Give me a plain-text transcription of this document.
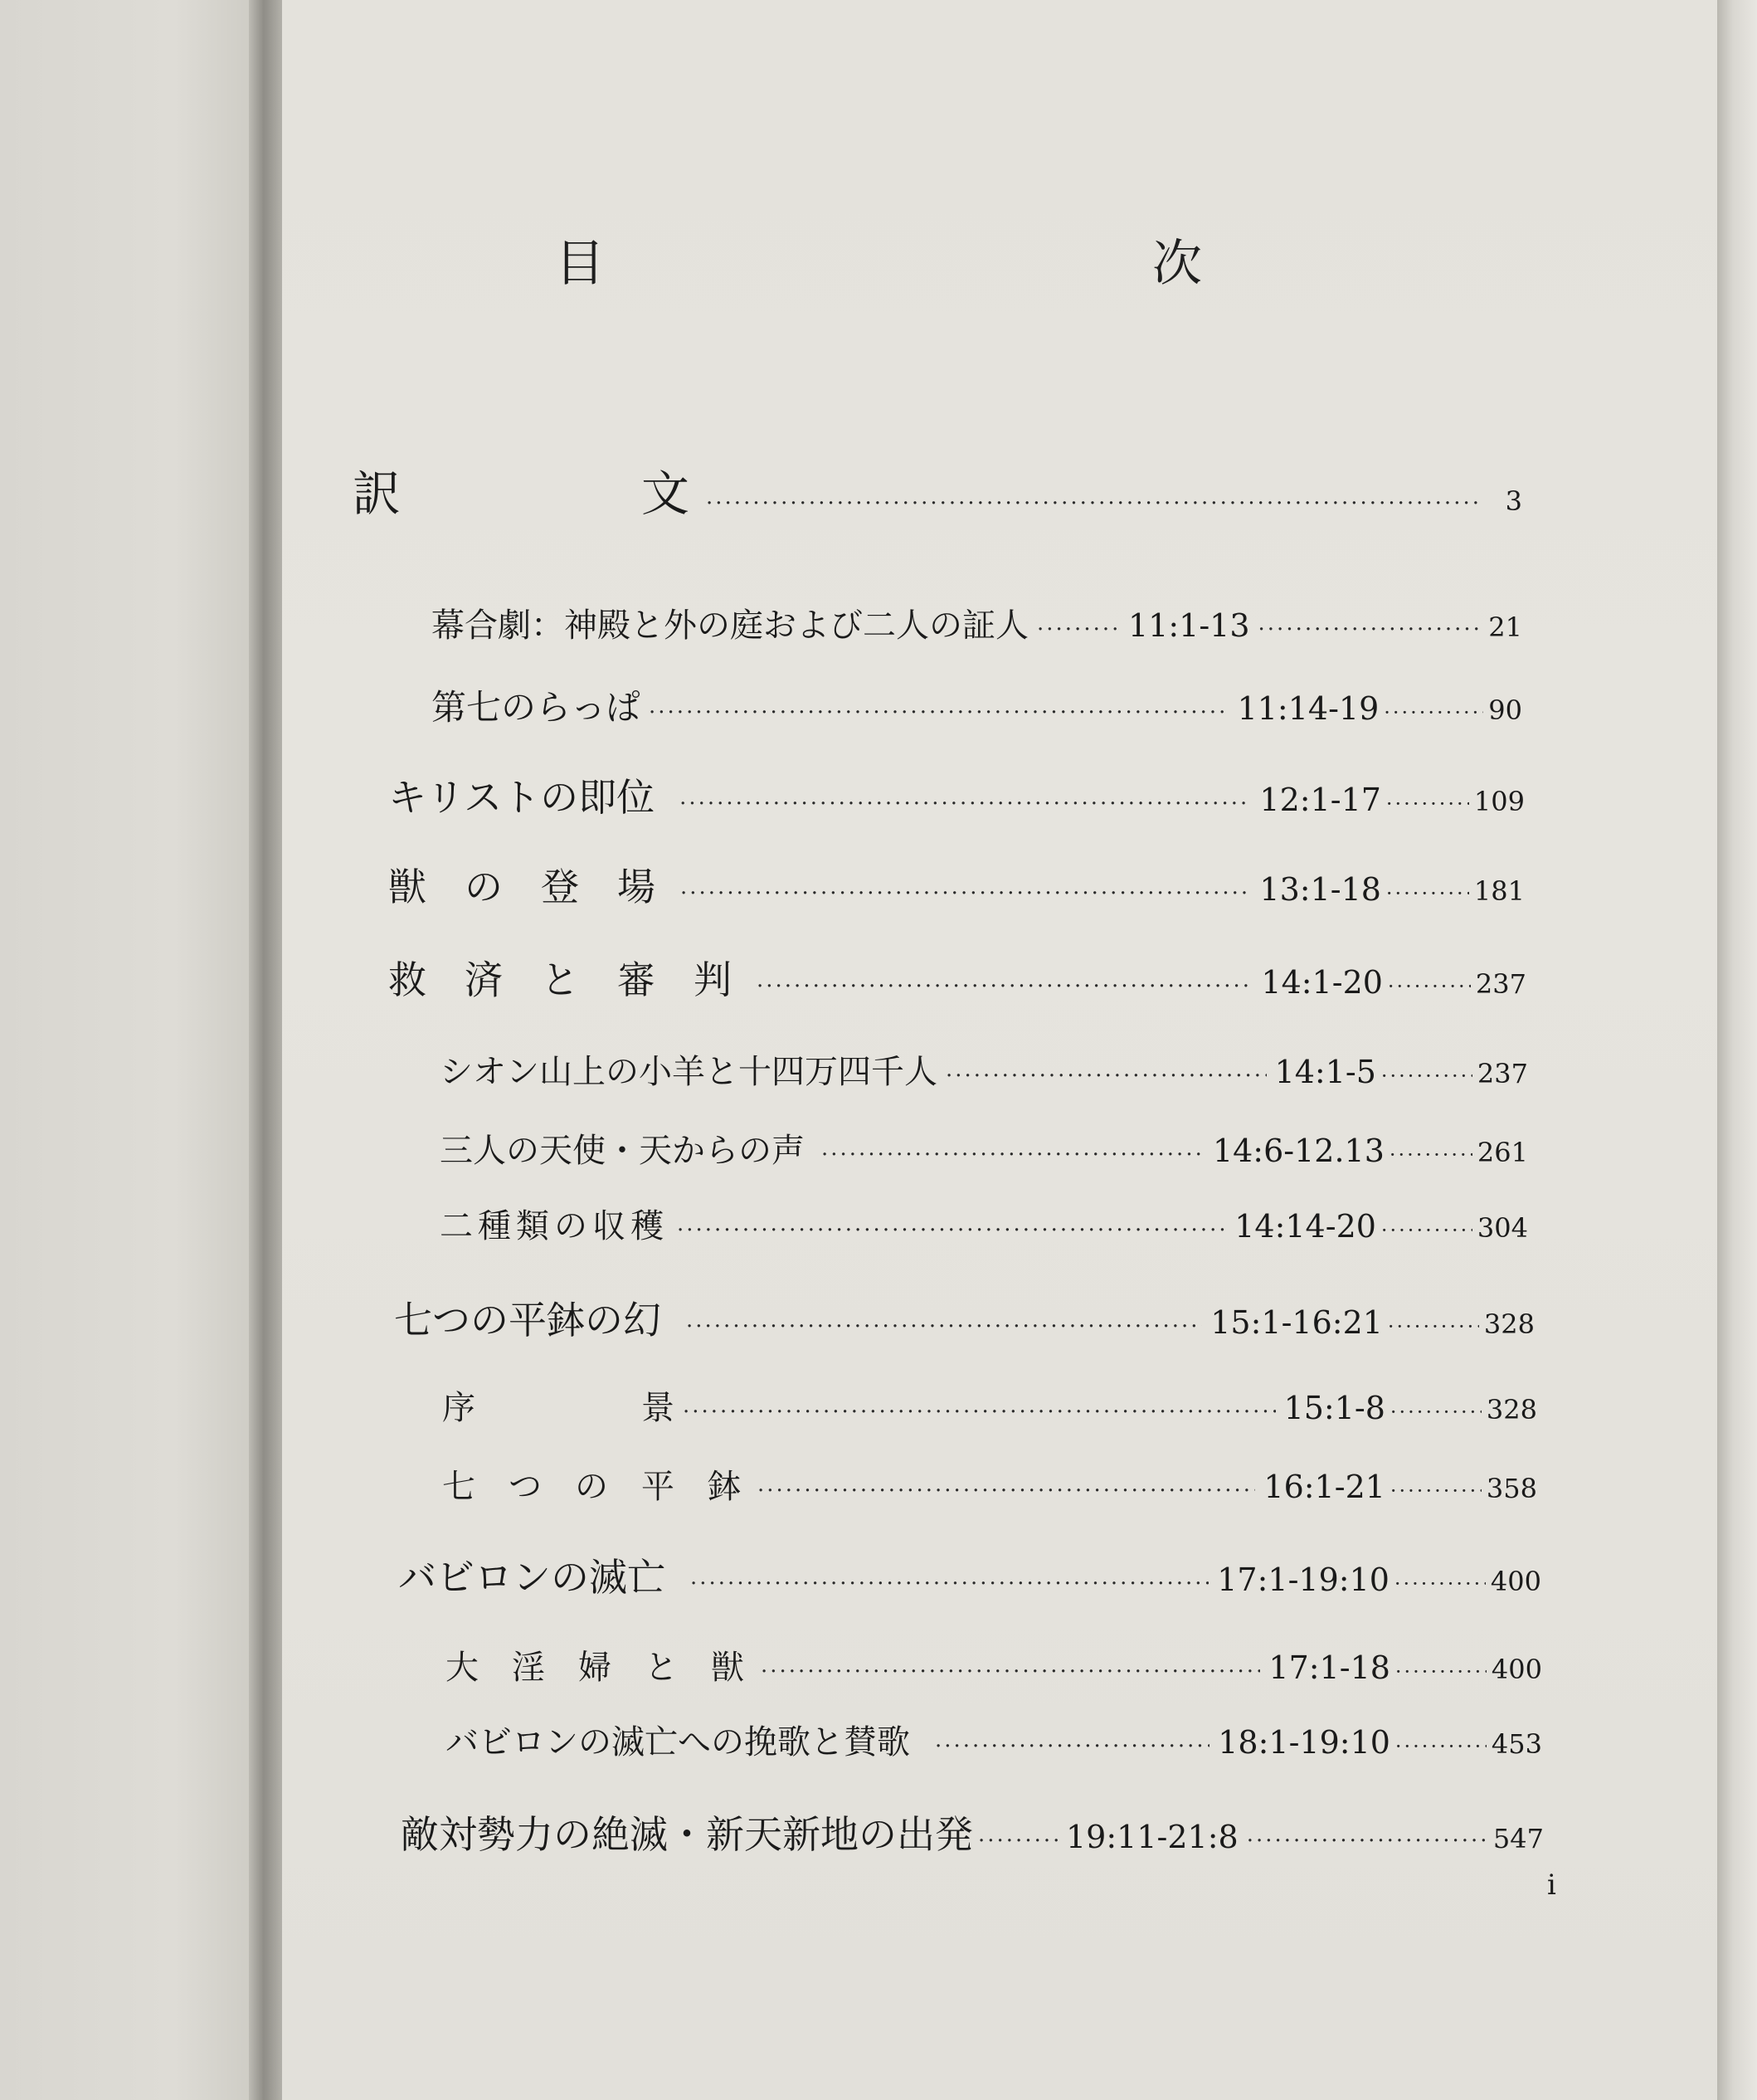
目　次
訳　　　　　文 ·····	3
幕合劇：神殿と外の庭および二人の証人 ·····	11:1-13 ·····	21
第七のらっぱ ·····	11:14-19 ·····	90
キリストの即位 ·····	12:1-17 ·····	109
獣　の　登　場 ·····	13:1-18 ·····	181
救　済　と　審　判 ·····	14:1-20 ·····	237
シオン山上の小羊と十四万四千人 ·····	14:1-5 ·····	237
三人の天使・天からの声 ·····	14:6-12.13 ·····	261
二種類の収穫 ·····	14:14-20 ·····	304
七つの平鉢の幻 ·····	15:1-16:21 ·····	328
序　　　　　景 ·····	15:1-8 ·····	328
七　つ　の　平　鉢 ·····	16:1-21 ·····	358
バビロンの滅亡 ·····	17:1-19:10 ·····	400
大　淫　婦　と　獣 ·····	17:1-18 ·····	400
バビロンの滅亡への挽歌と賛歌 ·····	18:1-19:10 ·····	453
敵対勢力の絶滅・新天新地の出発 ·····	19:11-21:8 ·····	547
i
